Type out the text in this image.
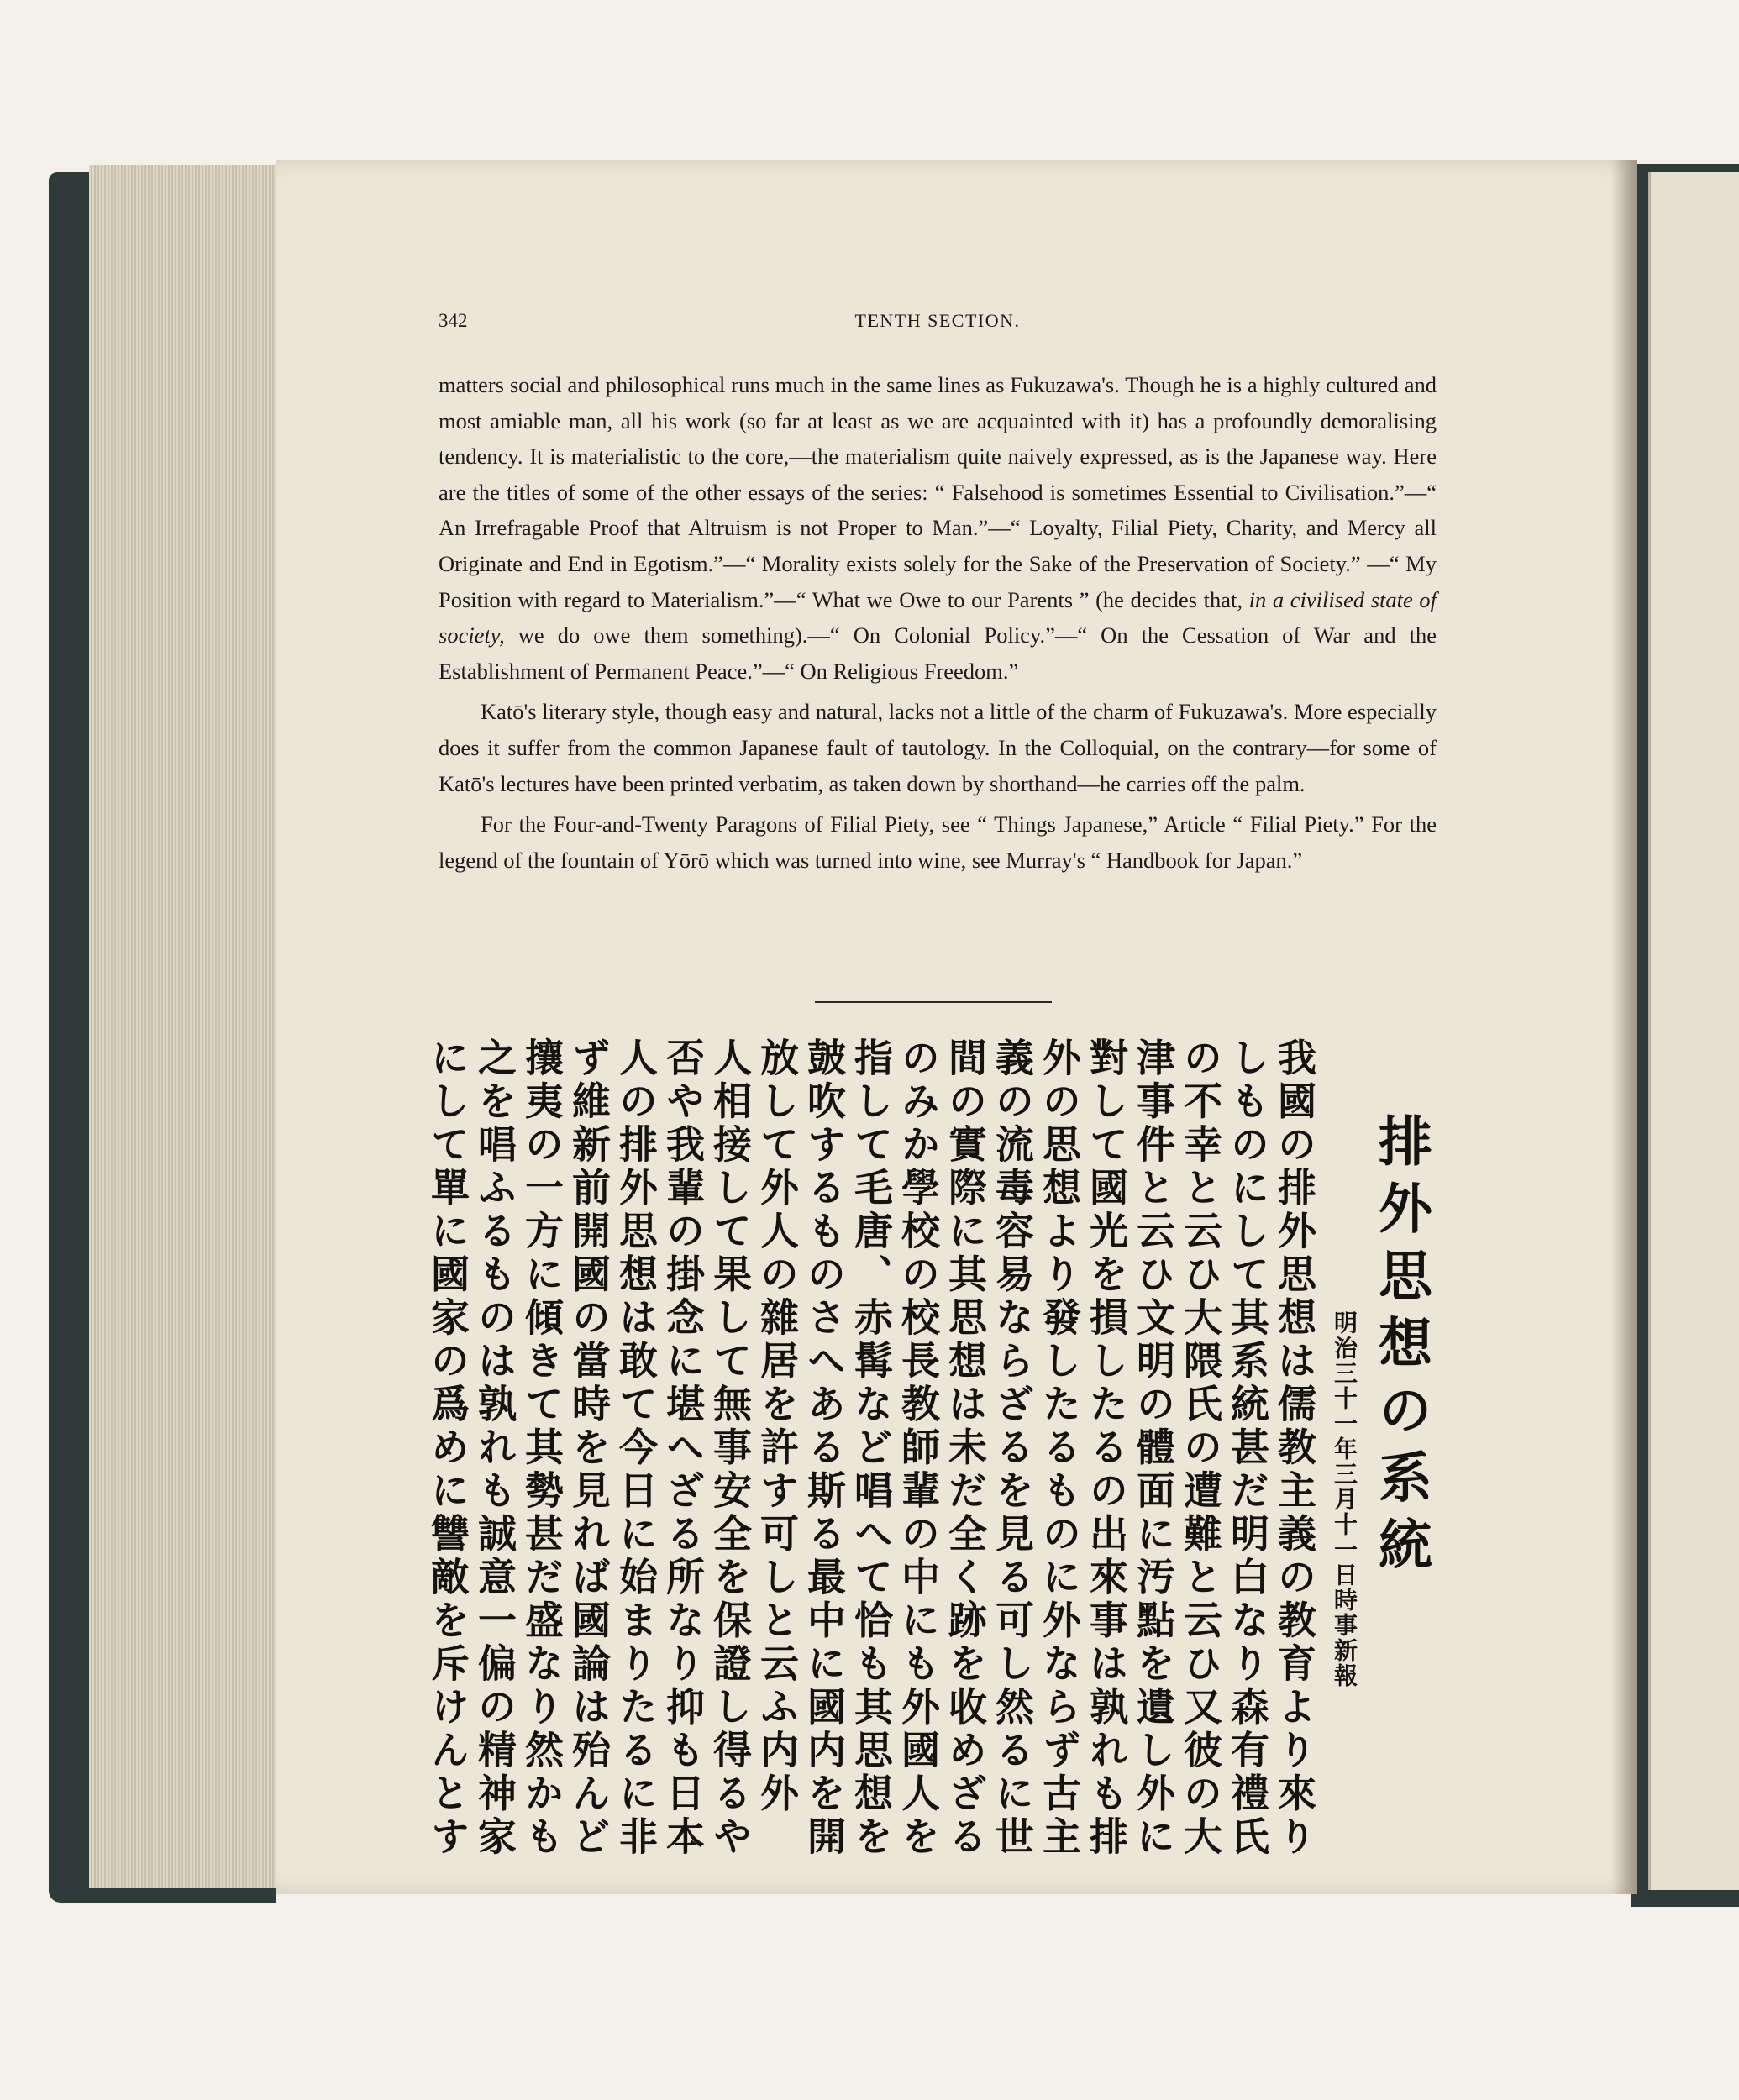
342	TENTH SECTION.

matters social and philosophical runs much in the same lines as Fukuzawa's. Though he is a highly cultured and most amiable man, all his work (so far at least as we are acquainted with it) has a profoundly demoralising tendency. It is materialistic to the core,—the materialism quite naively expressed, as is the Japanese way. Here are the titles of some of the other essays of the series: “ Falsehood is sometimes Essential to Civilisation.”—“ An Irrefragable Proof that Altruism is not Proper to Man.”—“ Loyalty, Filial Piety, Charity, and Mercy all Originate and End in Egotism.”—“ Morality exists solely for the Sake of the Preservation of Society.” —“ My Position with regard to Materialism.”—“ What we Owe to our Parents ” (he decides that, in a civilised state of society, we do owe them something).—“ On Colonial Policy.”—“ On the Cessation of War and the Establishment of Permanent Peace.”—“ On Religious Freedom.”

Katō's literary style, though easy and natural, lacks not a little of the charm of Fukuzawa's. More especially does it suffer from the common Japanese fault of tautology. In the Colloquial, on the contrary—for some of Katō's lectures have been printed verbatim, as taken down by shorthand—he carries off the palm.

For the Four-and-Twenty Paragons of Filial Piety, see “ Things Japanese,” Article “ Filial Piety.” For the legend of the fountain of Yōrō which was turned into wine, see Murray's “ Handbook for Japan.”

排外思想の系統
明治三十一年三月十一日時事新報
我國の排外思想は儒教主義の教育より來り
しものにして其系統甚だ明白なり森有禮氏
の不幸と云ひ大隈氏の遭難と云ひ又彼の大
津事件と云ひ文明の體面に汚點を遺し外に
對して國光を損したるの出來事は孰れも排
外の思想より發したるものに外ならず古主
義の流毒容易ならざるを見る可し然るに世
間の實際に其思想は未だ全く跡を收めざる
のみか學校の校長教師輩の中にも外國人を
指して毛唐、赤髯など唱へて恰も其思想を
皷吹するものさへある斯る最中に國内を開
放して外人の雜居を許す可しと云ふ内外
人相接して果して無事安全を保證し得るや
否や我輩の掛念に堪へざる所なり抑も日本
人の排外思想は敢て今日に始まりたるに非
ず維新前開國の當時を見れば國論は殆んど
攘夷の一方に傾きて其勢甚だ盛なり然かも
之を唱ふるものは孰れも誠意一偏の精神家
にして單に國家の爲めに讐敵を斥けんとす
